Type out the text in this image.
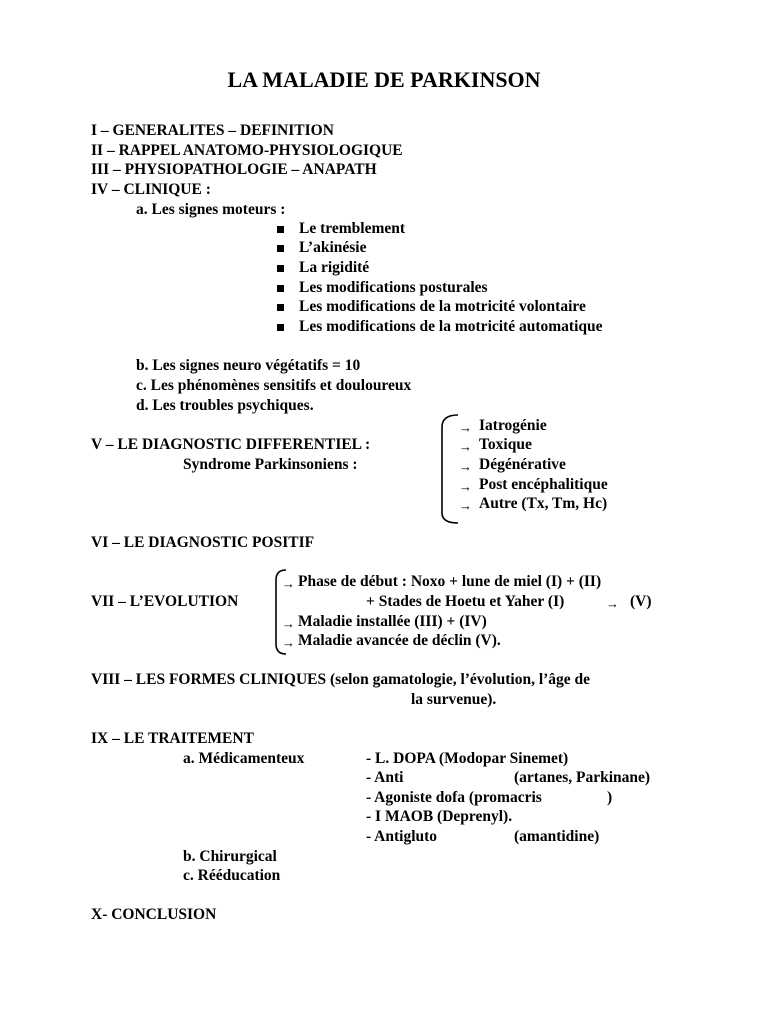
LA MALADIE DE PARKINSON
I – GENERALITES – DEFINITION
II – RAPPEL ANATOMO-PHYSIOLOGIQUE
III – PHYSIOPATHOLOGIE – ANAPATH
IV – CLINIQUE :
a. Les signes moteurs :
Le tremblement
L’akinésie
La rigidité
Les modifications posturales
Les modifications de la motricité volontaire
Les modifications de la motricité automatique
b. Les signes neuro végétatifs = 10
c. Les phénomènes sensitifs et douloureux
d. Les troubles psychiques.
V – LE DIAGNOSTIC DIFFERENTIEL :
Syndrome Parkinsoniens :
→ Iatrogénie
→ Toxique
→ Dégénérative
→ Post encéphalitique
→ Autre (Tx, Tm, Hc)
VI – LE DIAGNOSTIC POSITIF
VII – L’EVOLUTION
→ Phase de début : Noxo + lune de miel (I) + (II)
+ Stades de Hoetu et Yaher (I)	→ (V)
→ Maladie installée (III) + (IV)
→ Maladie avancée de déclin (V).
VIII – LES FORMES CLINIQUES (selon gamatologie, l’évolution, l’âge de
la survenue).
IX – LE TRAITEMENT
a. Médicamenteux	- L. DOPA (Modopar Sinemet)
- Anti	(artanes, Parkinane)
- Agoniste dofa (promacris	)
- I MAOB (Deprenyl).
- Antigluto	(amantidine)
b. Chirurgical
c. Rééducation
X- CONCLUSION
